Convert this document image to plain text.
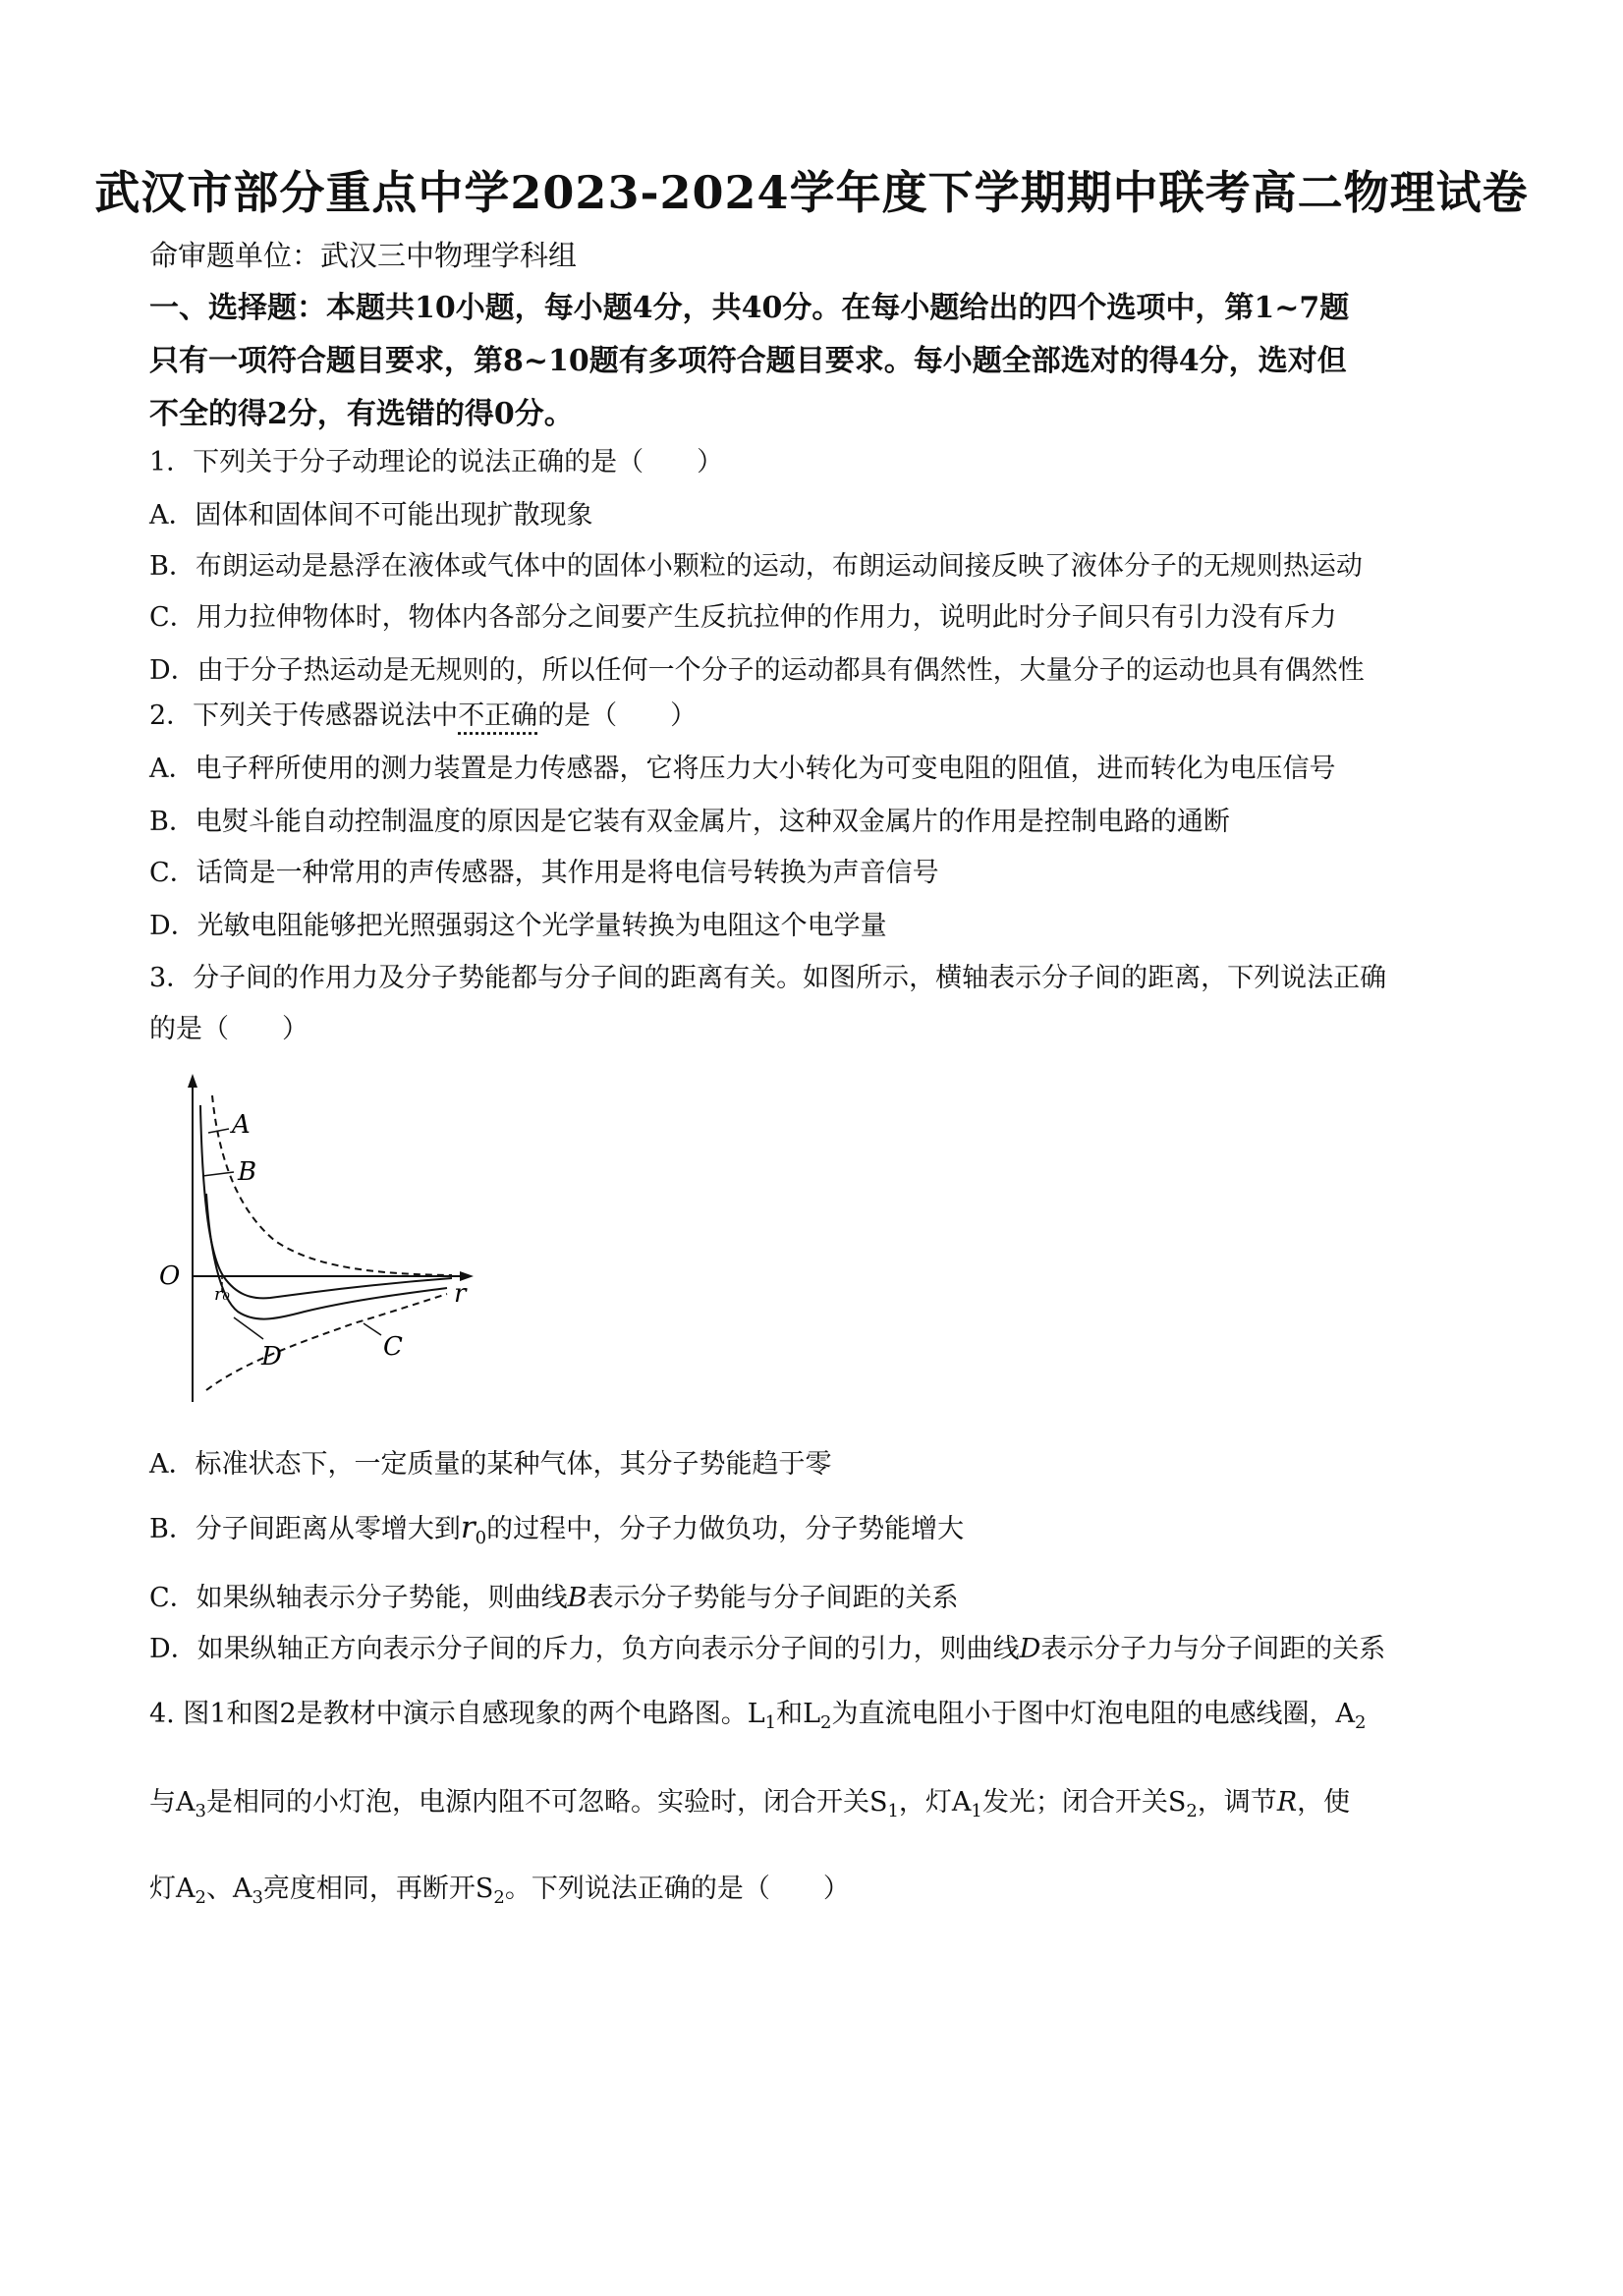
武汉市部分重点中学2023-2024学年度下学期期中联考高二物理试卷
命审题单位：武汉三中物理学科组
一、选择题：本题共10小题，每小题4分，共40分。在每小题给出的四个选项中，第1~7题
只有一项符合题目要求，第8~10题有多项符合题目要求。每小题全部选对的得4分，选对但
不全的得2分，有选错的得0分。
1．下列关于分子动理论的说法正确的是（　　）
A．固体和固体间不可能出现扩散现象
B．布朗运动是悬浮在液体或气体中的固体小颗粒的运动，布朗运动间接反映了液体分子的无规则热运动
C．用力拉伸物体时，物体内各部分之间要产生反抗拉伸的作用力，说明此时分子间只有引力没有斥力
D．由于分子热运动是无规则的，所以任何一个分子的运动都具有偶然性，大量分子的运动也具有偶然性
2．下列关于传感器说法中不正确的是（　　）
A．电子秤所使用的测力装置是力传感器，它将压力大小转化为可变电阻的阻值，进而转化为电压信号
B．电熨斗能自动控制温度的原因是它装有双金属片，这种双金属片的作用是控制电路的通断
C．话筒是一种常用的声传感器，其作用是将电信号转换为声音信号
D．光敏电阻能够把光照强弱这个光学量转换为电阻这个电学量
3．分子间的作用力及分子势能都与分子间的距离有关。如图所示，横轴表示分子间的距离，下列说法正确
的是（　　）
A
B
C
D
O
r₀	r
A．标准状态下，一定质量的某种气体，其分子势能趋于零
B．分子间距离从零增大到$r_0$的过程中，分子力做负功，分子势能增大
C．如果纵轴表示分子势能，则曲线B表示分子势能与分子间距的关系
D．如果纵轴正方向表示分子间的斥力，负方向表示分子间的引力，则曲线D表示分子力与分子间距的关系
4. 图1和图2是教材中演示自感现象的两个电路图。$L_1$和$L_2$为直流电阻小于图中灯泡电阻的电感线圈，$A_2$
与$A_3$是相同的小灯泡，电源内阻不可忽略。实验时，闭合开关$S_1$，灯$A_1$发光；闭合开关$S_2$，调节R，使
灯$A_2$、$A_3$亮度相同，再断开$S_2$。下列说法正确的是（　　）
